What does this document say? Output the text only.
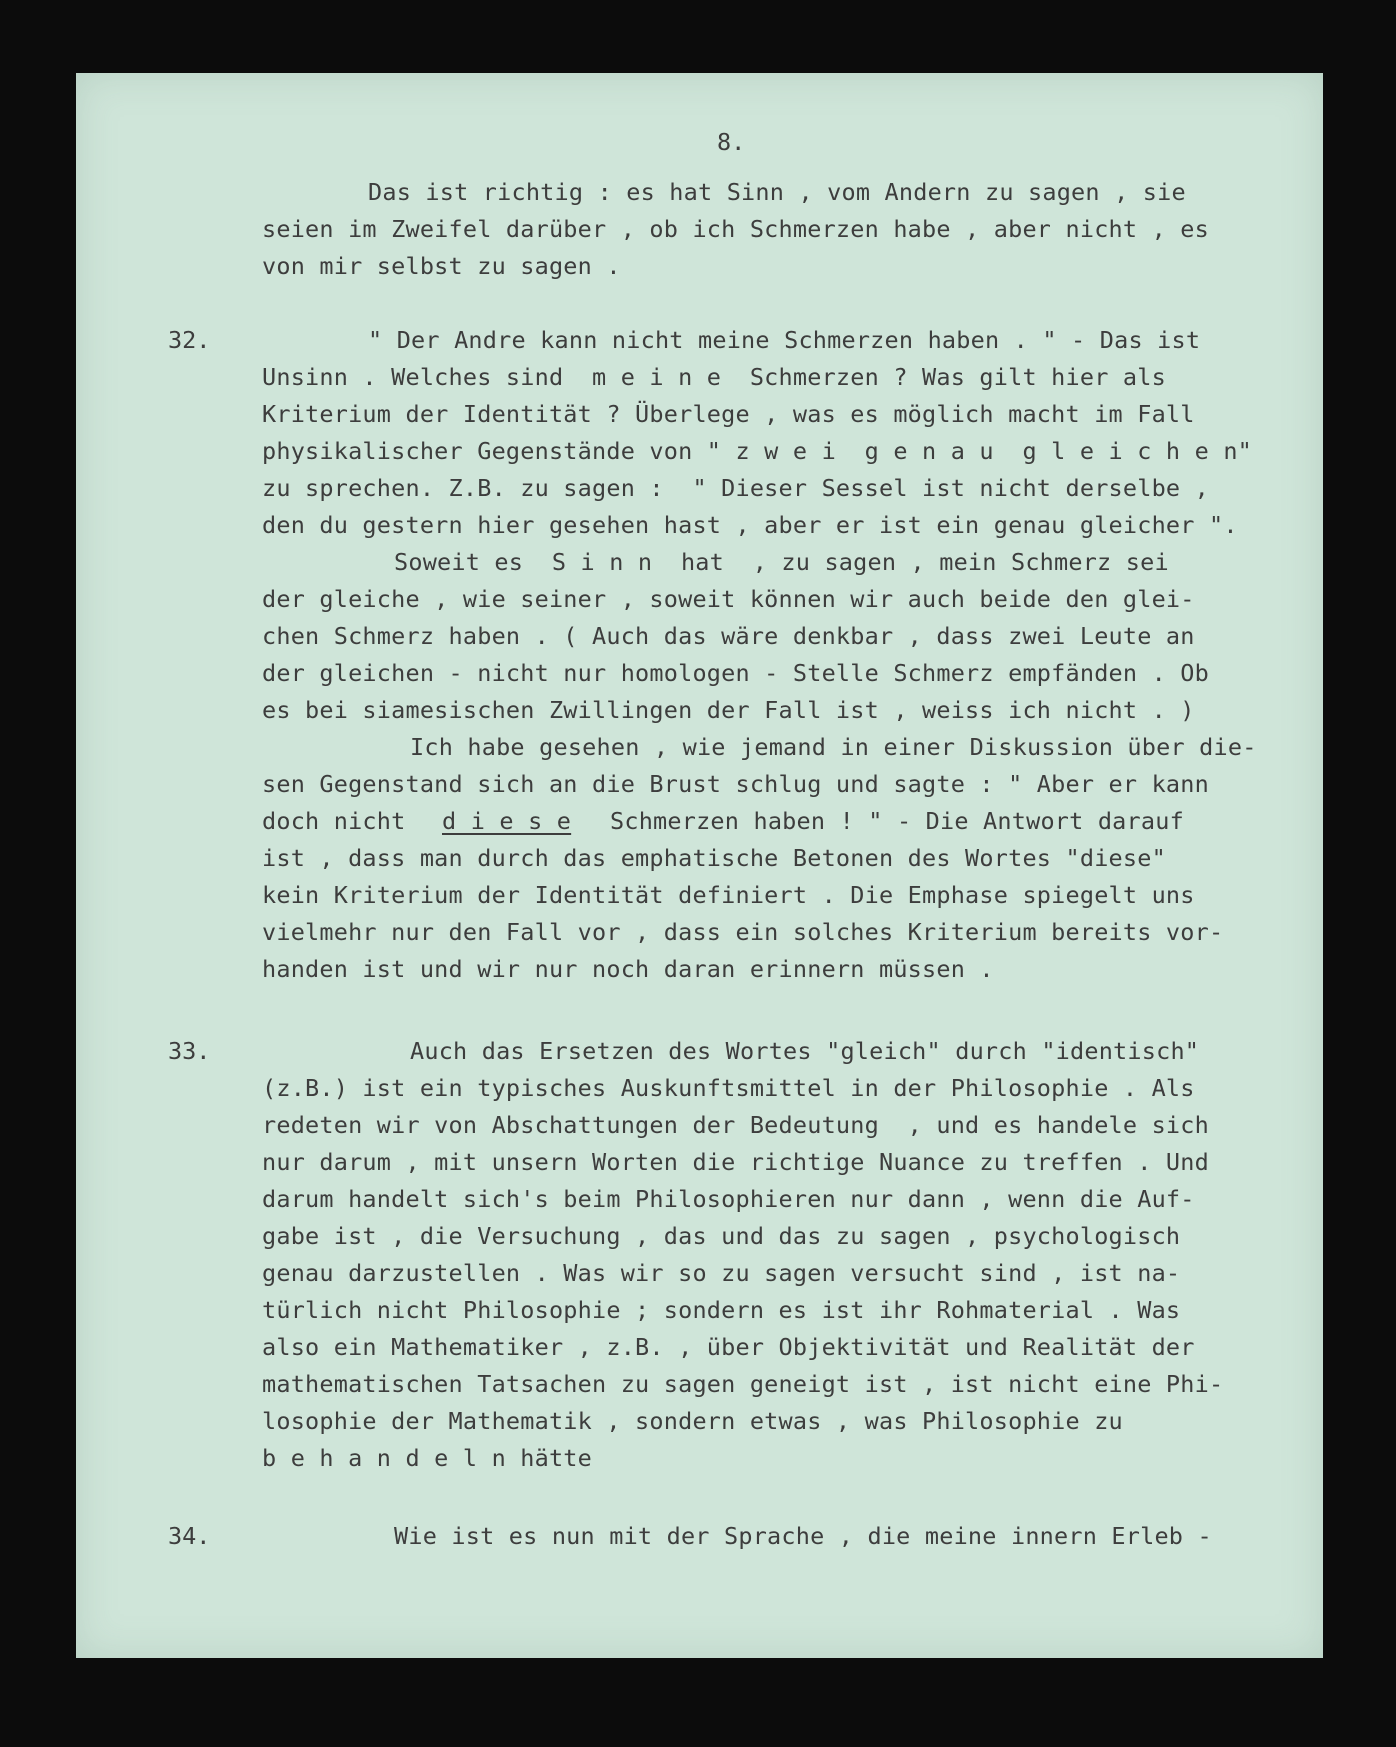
8.
Das ist richtig : es hat Sinn , vom Andern zu sagen , sie
seien im Zweifel darüber , ob ich Schmerzen habe , aber nicht , es
von mir selbst zu sagen .
32.	" Der Andre kann nicht meine Schmerzen haben . " - Das ist
Unsinn . Welches sind  m e i n e  Schmerzen ? Was gilt hier als
Kriterium der Identität ? Überlege , was es möglich macht im Fall
physikalischer Gegenstände von " z w e i  g e n a u  g l e i c h e n"
zu sprechen. Z.B. zu sagen :  " Dieser Sessel ist nicht derselbe ,
den du gestern hier gesehen hast , aber er ist ein genau gleicher ".
Soweit es  S i n n  hat  , zu sagen , mein Schmerz sei
der gleiche , wie seiner , soweit können wir auch beide den glei-
chen Schmerz haben . ( Auch das wäre denkbar , dass zwei Leute an
der gleichen - nicht nur homologen - Stelle Schmerz empfänden . Ob
es bei siamesischen Zwillingen der Fall ist , weiss ich nicht . )
Ich habe gesehen , wie jemand in einer Diskussion über die-
sen Gegenstand sich an die Brust schlug und sagte : " Aber er kann
doch nicht d i e s e Schmerzen haben ! " - Die Antwort darauf
ist , dass man durch das emphatische Betonen des Wortes "diese"
kein Kriterium der Identität definiert . Die Emphase spiegelt uns
vielmehr nur den Fall vor , dass ein solches Kriterium bereits vor-
handen ist und wir nur noch daran erinnern müssen .
33.	Auch das Ersetzen des Wortes "gleich" durch "identisch"
(z.B.) ist ein typisches Auskunftsmittel in der Philosophie . Als
redeten wir von Abschattungen der Bedeutung  , und es handele sich
nur darum , mit unsern Worten die richtige Nuance zu treffen . Und
darum handelt sich's beim Philosophieren nur dann , wenn die Auf-
gabe ist , die Versuchung , das und das zu sagen , psychologisch
genau darzustellen . Was wir so zu sagen versucht sind , ist na-
türlich nicht Philosophie ; sondern es ist ihr Rohmaterial . Was
also ein Mathematiker , z.B. , über Objektivität und Realität der
mathematischen Tatsachen zu sagen geneigt ist , ist nicht eine Phi-
losophie der Mathematik , sondern etwas , was Philosophie zu
b e h a n d e l n hätte
34.	Wie ist es nun mit der Sprache , die meine innern Erleb -
